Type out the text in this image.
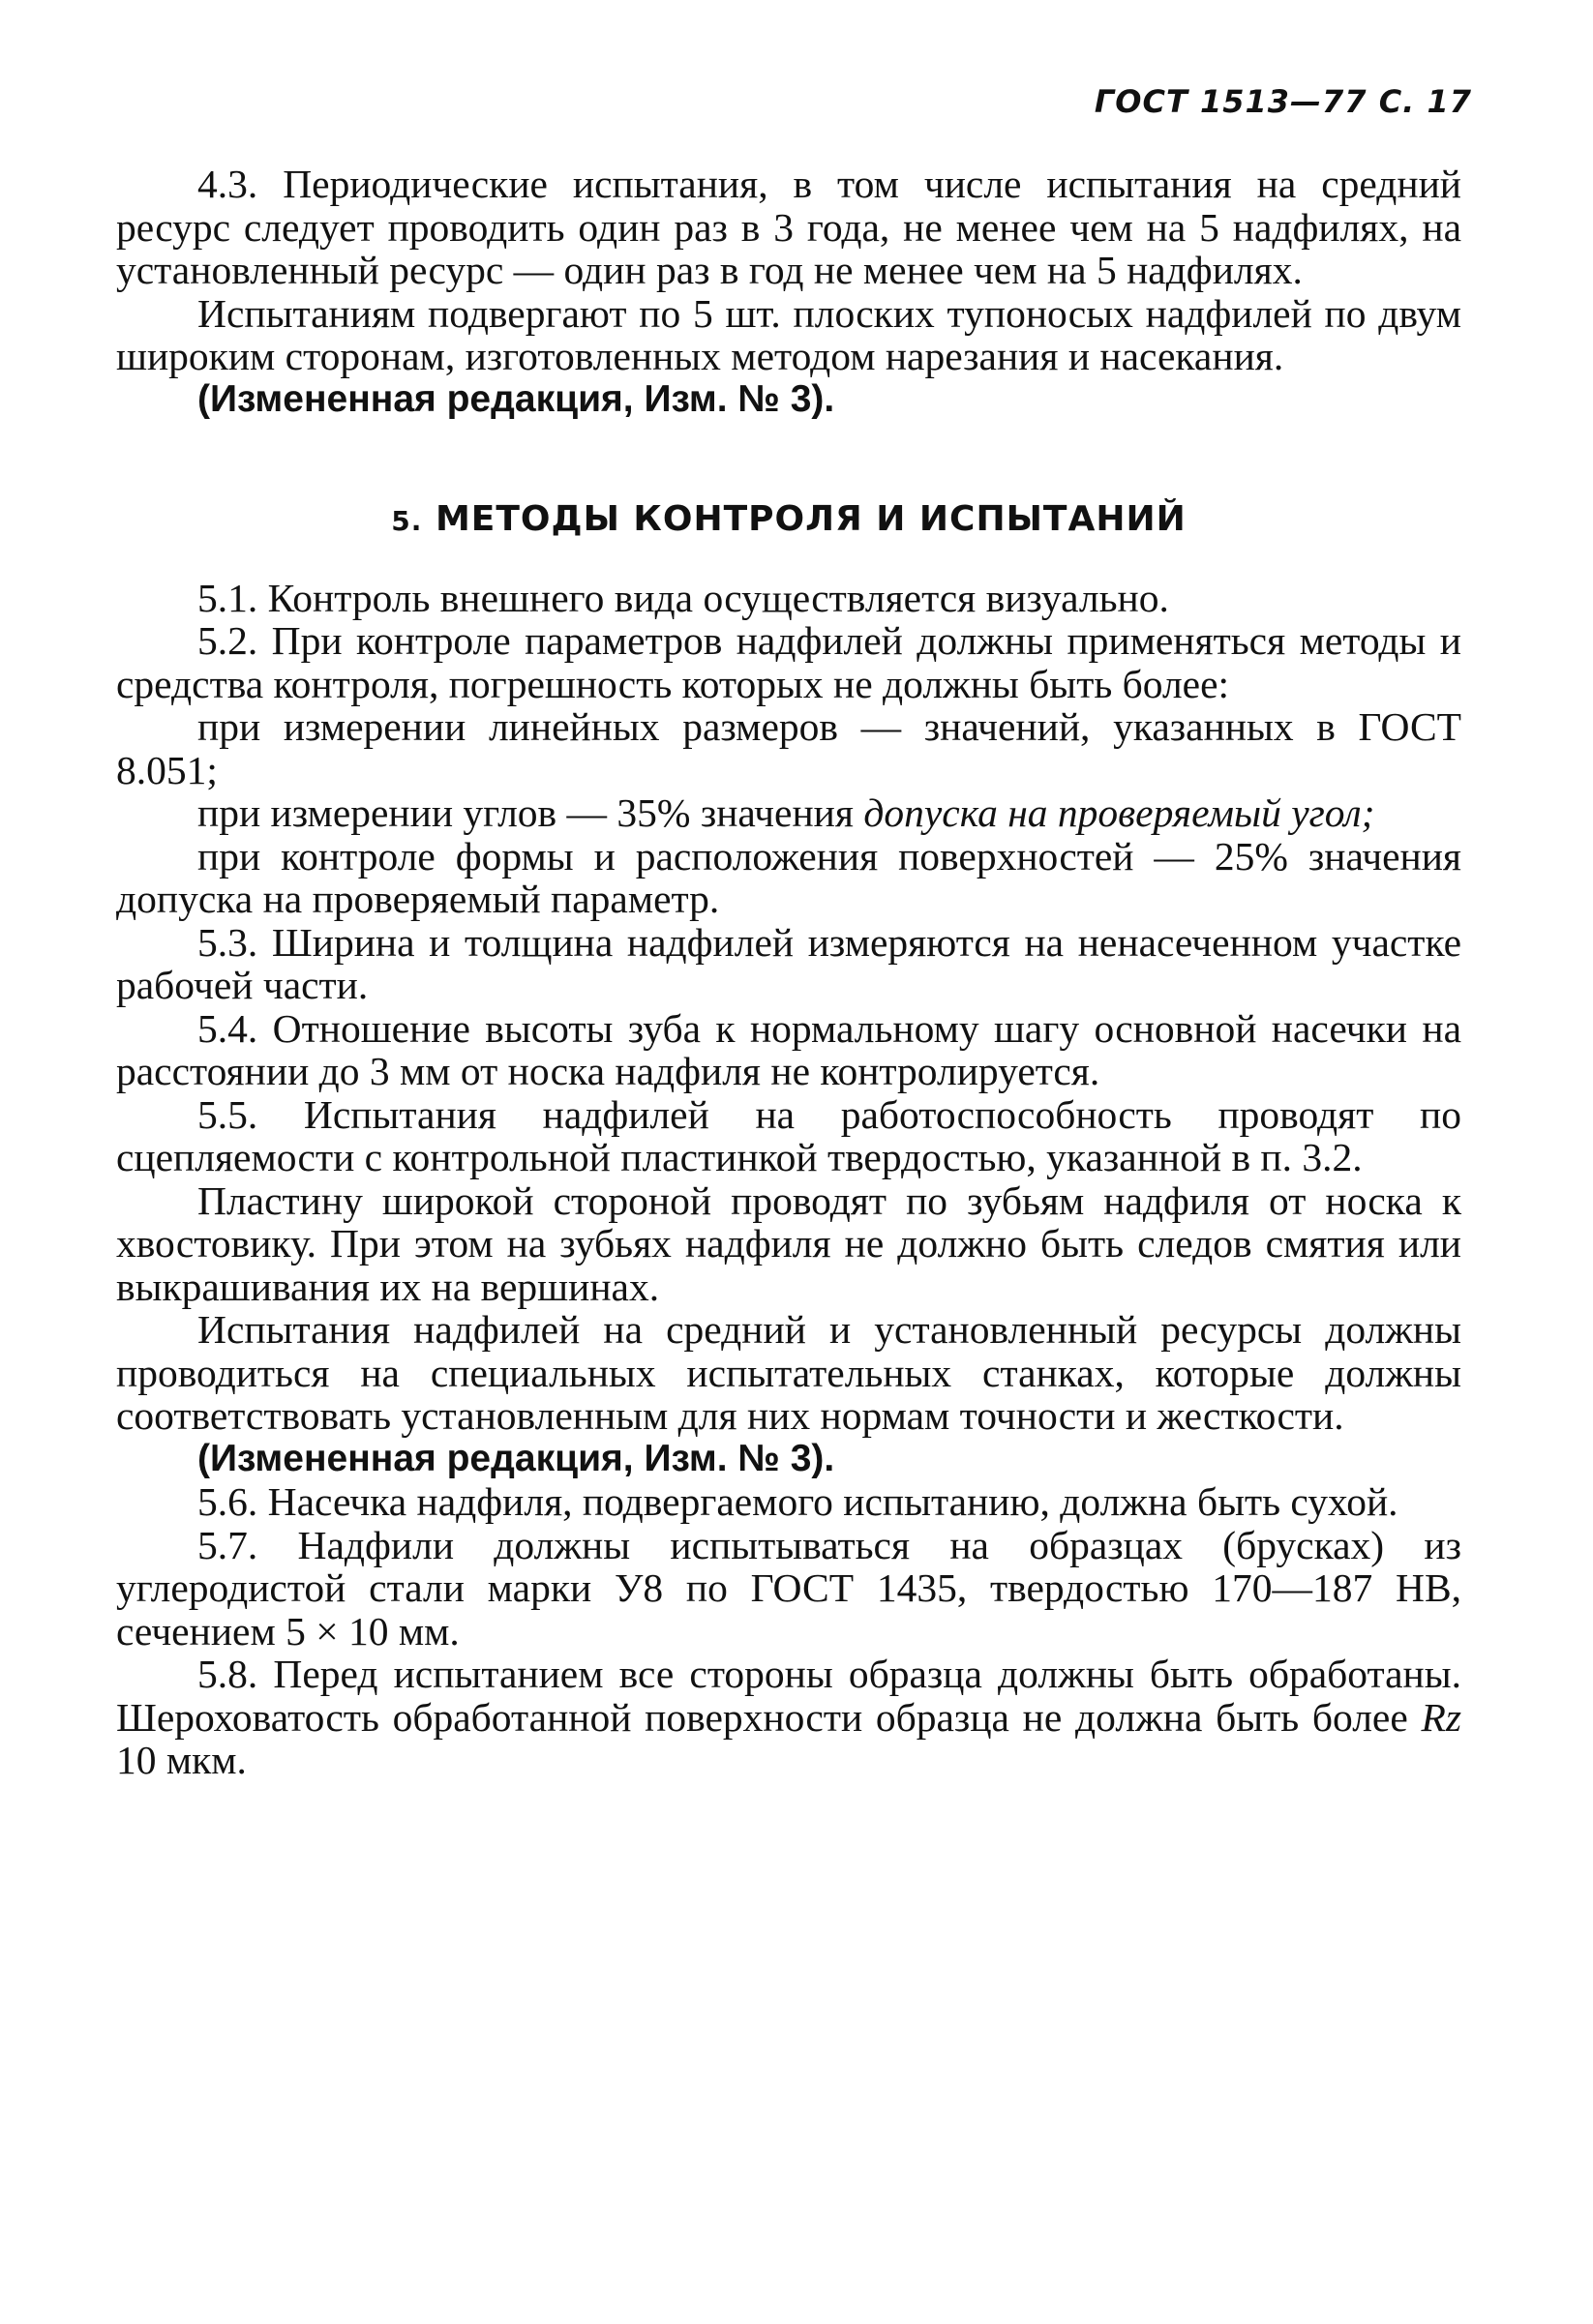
ГОСТ 1513—77 С. 17

4.3. Периодические испытания, в том числе испытания на средний ресурс следует проводить один раз в 3 года, не менее чем на 5 надфилях, на установленный ресурс — один раз в год не менее чем на 5 надфилях.

Испытаниям подвергают по 5 шт. плоских тупоносых надфилей по двум широким сторонам, изготовленных методом нарезания и насекания.

(Измененная редакция, Изм. № 3).

5. МЕТОДЫ КОНТРОЛЯ И ИСПЫТАНИЙ

5.1. Контроль внешнего вида осуществляется визуально.

5.2. При контроле параметров надфилей должны применяться методы и средства контроля, погрешность которых не должны быть более:

при измерении линейных размеров — значений, указанных в ГОСТ 8.051;

при измерении углов — 35% значения допуска на проверяемый угол;

при контроле формы и расположения поверхностей — 25% значения допуска на проверяемый параметр.

5.3. Ширина и толщина надфилей измеряются на ненасеченном участке рабочей части.

5.4. Отношение высоты зуба к нормальному шагу основной насечки на расстоянии до 3 мм от носка надфиля не контролируется.

5.5. Испытания надфилей на работоспособность проводят по сцепляемости с контрольной пластинкой твердостью, указанной в п. 3.2.

Пластину широкой стороной проводят по зубьям надфиля от носка к хвостовику. При этом на зубьях надфиля не должно быть следов смятия или выкрашивания их на вершинах.

Испытания надфилей на средний и установленный ресурсы должны проводиться на специальных испытательных станках, которые должны соответствовать установленным для них нормам точности и жесткости.

(Измененная редакция, Изм. № 3).

5.6. Насечка надфиля, подвергаемого испытанию, должна быть сухой.

5.7. Надфили должны испытываться на образцах (брусках) из углеродистой стали марки У8 по ГОСТ 1435, твердостью 170—187 HB, сечением 5 × 10 мм.

5.8. Перед испытанием все стороны образца должны быть обработаны. Шероховатость обработанной поверхности образца не должна быть более Rz 10 мкм.
